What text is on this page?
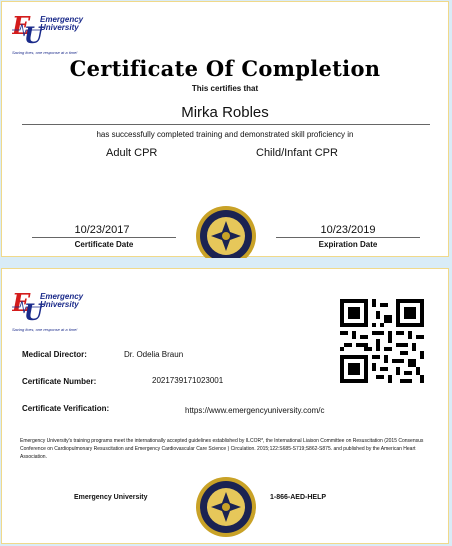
E
U
Emergency
University
Saving lives, one response at a time!
Certificate Of Completion
This certifies that
Mirka Robles
has successfully completed training and demonstrated skill proficiency in
Adult CPR	Child/Infant CPR
10/23/2017
Certificate Date
10/23/2019
Expiration Date
E
U
Emergency
University
Saving lives, one response at a time!
Medical Director:	Dr. Odelia Braun
Certificate Number:	2021739171023001
Certificate Verification:	https://www.emergencyuniversity.com/c
Emergency University's training programs meet the internationally accepted guidelines established by ILCOR*, the International Liaison Committee on Resuscitation (2015 Consensus Conference on Cardiopulmonary Resuscitation and Emergency Cardiovascular Care Science ) Circulation. 2015;122:S685-S719;S862-S875. and published by the American Heart Association.
Emergency University	1-866-AED-HELP
